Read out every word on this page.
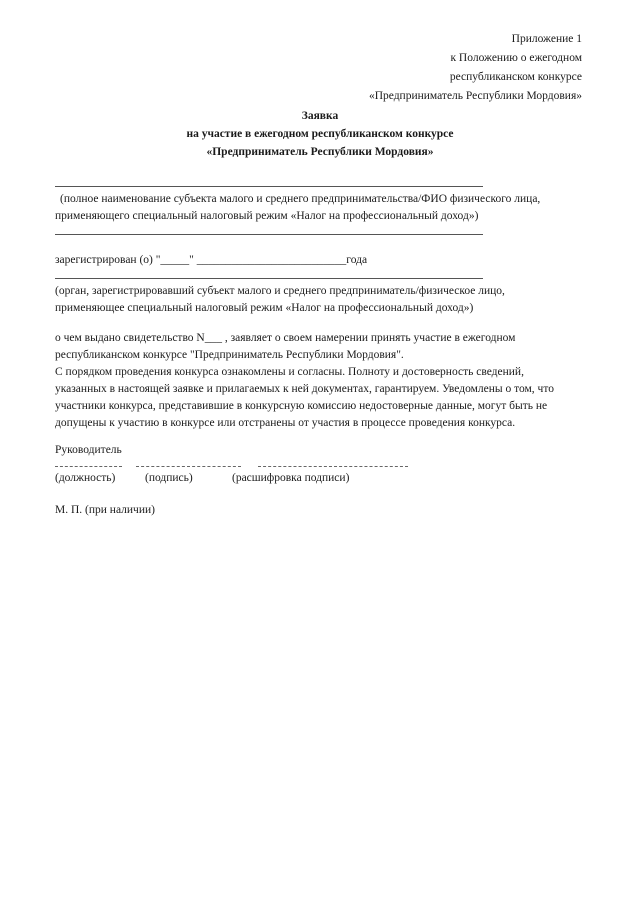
Приложение 1
к Положению о ежегодном
республиканском конкурсе
«Предприниматель Республики Мордовия»
Заявка
на участие в ежегодном республиканском конкурсе
«Предприниматель Республики Мордовия»
(полное наименование субъекта малого и среднего предпринимательства/ФИО физического лица,
применяющего специальный налоговый режим «Налог на профессиональный доход»)
зарегистрирован (о) "_____" __________________________года
(орган, зарегистрировавший субъект малого и среднего предприниматель/физическое лицо,
применяющее специальный налоговый режим «Налог на профессиональный доход»)
о чем выдано свидетельство N___ , заявляет о своем намерении принять участие в ежегодном
республиканском конкурсе "Предприниматель Республики Мордовия".
С порядком проведения конкурса ознакомлены и согласны. Полноту и достоверность сведений,
указанных в настоящей заявке и прилагаемых к ней документах, гарантируем. Уведомлены о том, что
участники конкурса, представившие в конкурсную комиссию недостоверные данные, могут быть не
допущены к участию в конкурсе или отстранены от участия в процессе проведения конкурса.
Руководитель
(должность)	(подпись)	(расшифровка подписи)
М. П. (при наличии)
